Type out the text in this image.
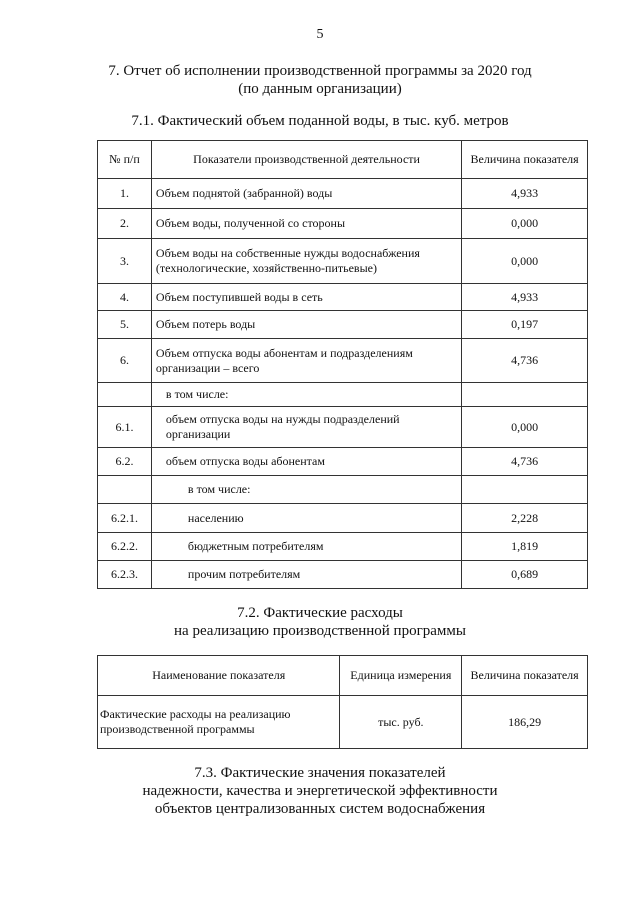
5
7. Отчет об исполнении производственной программы за 2020 год
(по данным организации)
7.1. Фактический объем поданной воды, в тыс. куб. метров
№ п/п	Показатели производственной деятельности	Величина показателя
1.	Объем поднятой (забранной) воды	4,933
2.	Объем воды, полученной со стороны	0,000
3.	Объем воды на собственные нужды водоснабжения (технологические, хозяйственно-питьевые)	0,000
4.	Объем поступившей воды в сеть	4,933
5.	Объем потерь воды	0,197
6.	Объем отпуска воды абонентам и подразделениям организации – всего	4,736
	в том числе:	
6.1.	объем отпуска воды на нужды подразделений организации	0,000
6.2.	объем отпуска воды абонентам	4,736
	в том числе:	
6.2.1.	населению	2,228
6.2.2.	бюджетным потребителям	1,819
6.2.3.	прочим потребителям	0,689
7.2. Фактические расходы
на реализацию производственной программы
Наименование показателя	Единица измерения	Величина показателя
Фактические расходы на реализацию производственной программы	тыс. руб.	186,29
7.3. Фактические значения показателей
надежности, качества и энергетической эффективности
объектов централизованных систем водоснабжения
